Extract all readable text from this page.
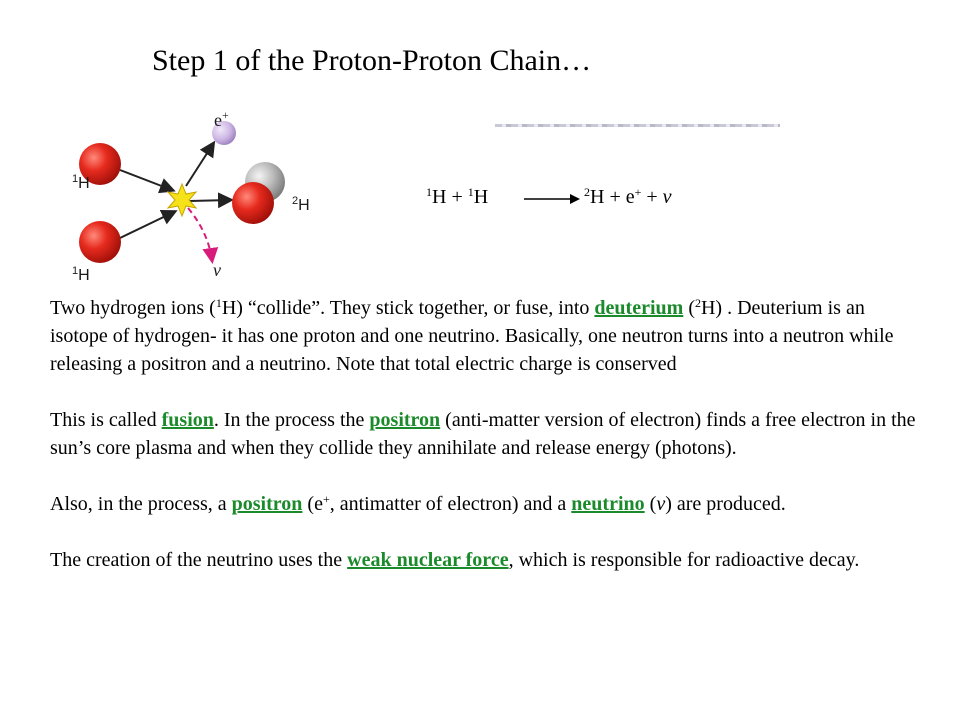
Step 1 of the Proton-Proton Chain…
$^1$H
$^1$H
$^2$H
e+
ν
$^1$H + $^1$H → $^2$H + e+ + ν

Two hydrogen ions ($^1$H) “collide”. They stick together, or fuse, into deuterium ($^2$H) . Deuterium is an isotope of hydrogen- it has one proton and one neutrino. Basically, one neutron turns into a neutron while releasing a positron and a neutrino. Note that total electric charge is conserved

This is called fusion. In the process the positron (anti-matter version of electron) finds a free electron in the sun’s core plasma and when they collide they annihilate and release energy (photons).

Also, in the process, a positron (e+, antimatter of electron) and a neutrino (ν) are produced.

The creation of the neutrino uses the weak nuclear force, which is responsible for radioactive decay.
